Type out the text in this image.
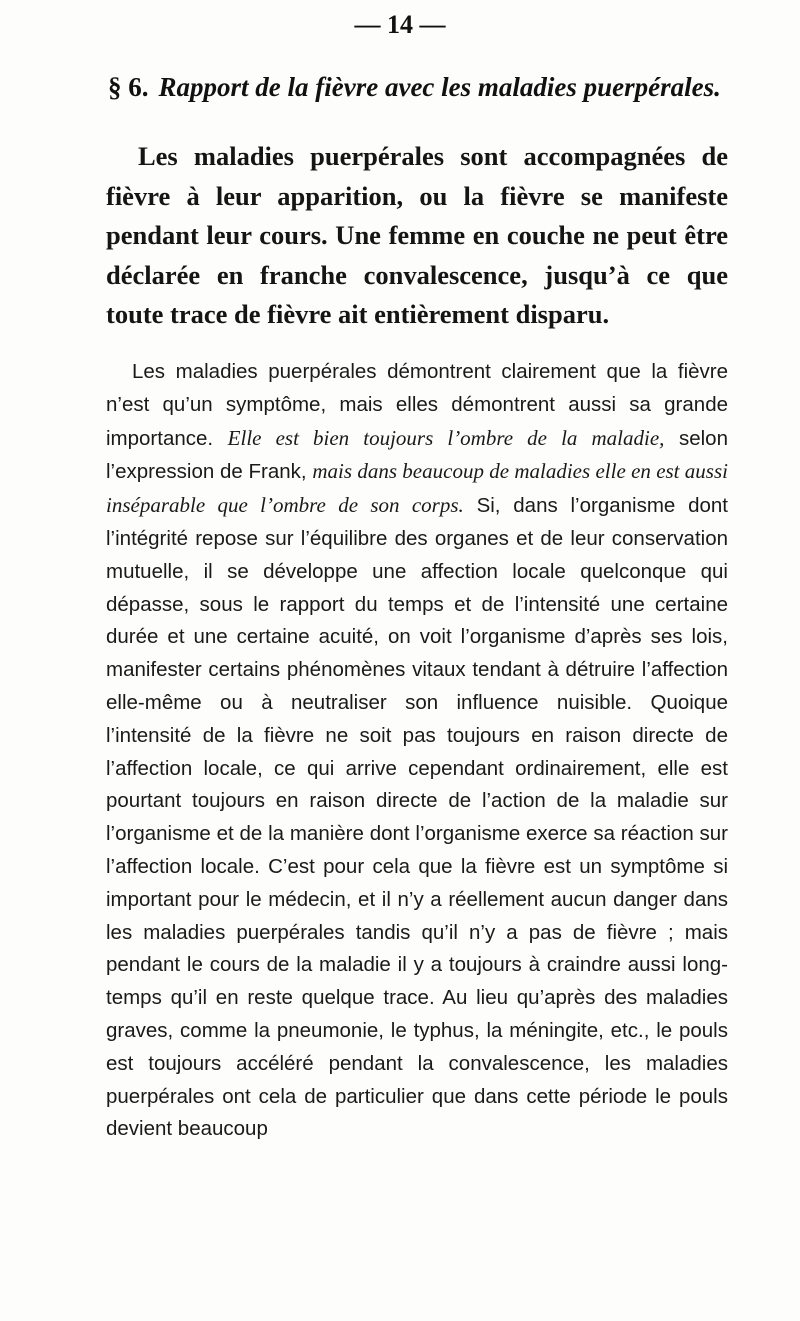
— 14 —
§ 6. Rapport de la fièvre avec les maladies puerpérales.

Les maladies puerpérales sont accompagnées de fièvre à leur apparition, ou la fièvre se manifeste pendant leur cours. Une femme en couche ne peut être déclarée en franche convalescence, jusqu’à ce que toute trace de fièvre ait entièrement disparu.

Les maladies puerpérales démontrent clairement que la fièvre n’est qu’un symptôme, mais elles démontrent aussi sa grande importance. Elle est bien toujours l’ombre de la maladie, selon l’expression de Frank, mais dans beaucoup de maladies elle en est aussi inséparable que l’ombre de son corps. Si, dans l’organisme dont l’intégrité repose sur l’équilibre des organes et de leur conservation mutuelle, il se développe une affection locale quelconque qui dépasse, sous le rapport du temps et de l’intensité une certaine durée et une certaine acuité, on voit l’organisme d’après ses lois, manifester certains phénomènes vitaux tendant à détruire l’affection elle-même ou à neutraliser son influence nuisible. Quoique l’intensité de la fièvre ne soit pas toujours en raison directe de l’affection locale, ce qui arrive cependant ordinairement, elle est pourtant toujours en raison directe de l’action de la maladie sur l’organisme et de la manière dont l’organisme exerce sa réaction sur l’affection locale. C’est pour cela que la fièvre est un symptôme si important pour le médecin, et il n’y a réellement aucun danger dans les maladies puerpérales tandis qu’il n’y a pas de fièvre ; mais pendant le cours de la maladie il y a toujours à craindre aussi long-temps qu’il en reste quelque trace. Au lieu qu’après des maladies graves, comme la pneumonie, le typhus, la méningite, etc., le pouls est toujours accéléré pendant la convalescence, les maladies puerpérales ont cela de particulier que dans cette période le pouls devient beaucoup
